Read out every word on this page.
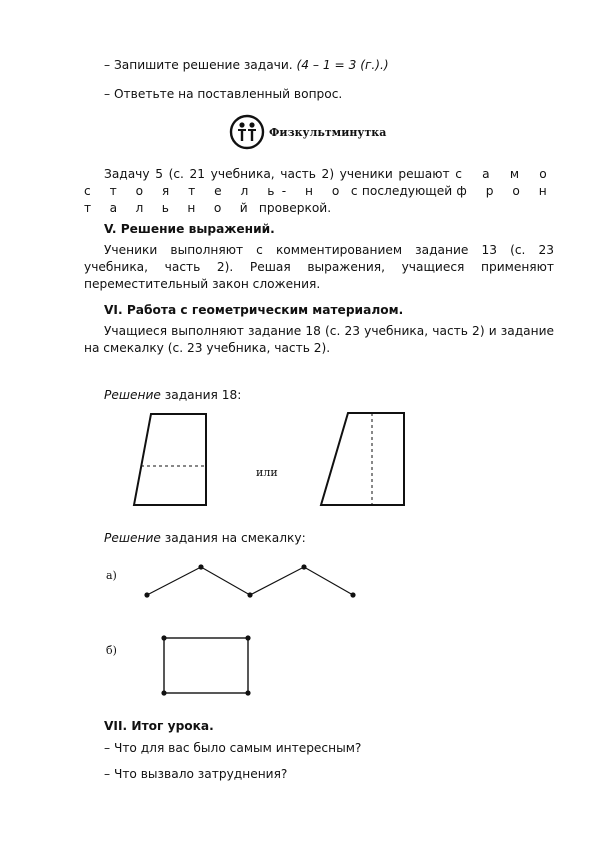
– Запишите решение задачи. (4 – 1 = 3 (г.).)
– Ответьте на поставленный вопрос.
Физкультминутка
Задачу 5 (с. 21 учебника, часть 2) ученики решают с а м о с т о я т е л ь- н о с последующей ф р о н т а л ь н о й проверкой.
V. Решение выражений.
Ученики выполняют с комментированием задание 13 (с. 23 учебника, часть 2). Решая выражения, учащиеся применяют переместительный закон сложения.
VI. Работа с геометрическим материалом.
Учащиеся выполняют задание 18 (с. 23 учебника, часть 2) и задание на смекалку (с. 23 учебника, часть 2).
Решение задания 18:
или
Решение задания на смекалку:
а)
б)
VII. Итог урока.
– Что для вас было самым интересным?
– Что вызвало затруднения?
